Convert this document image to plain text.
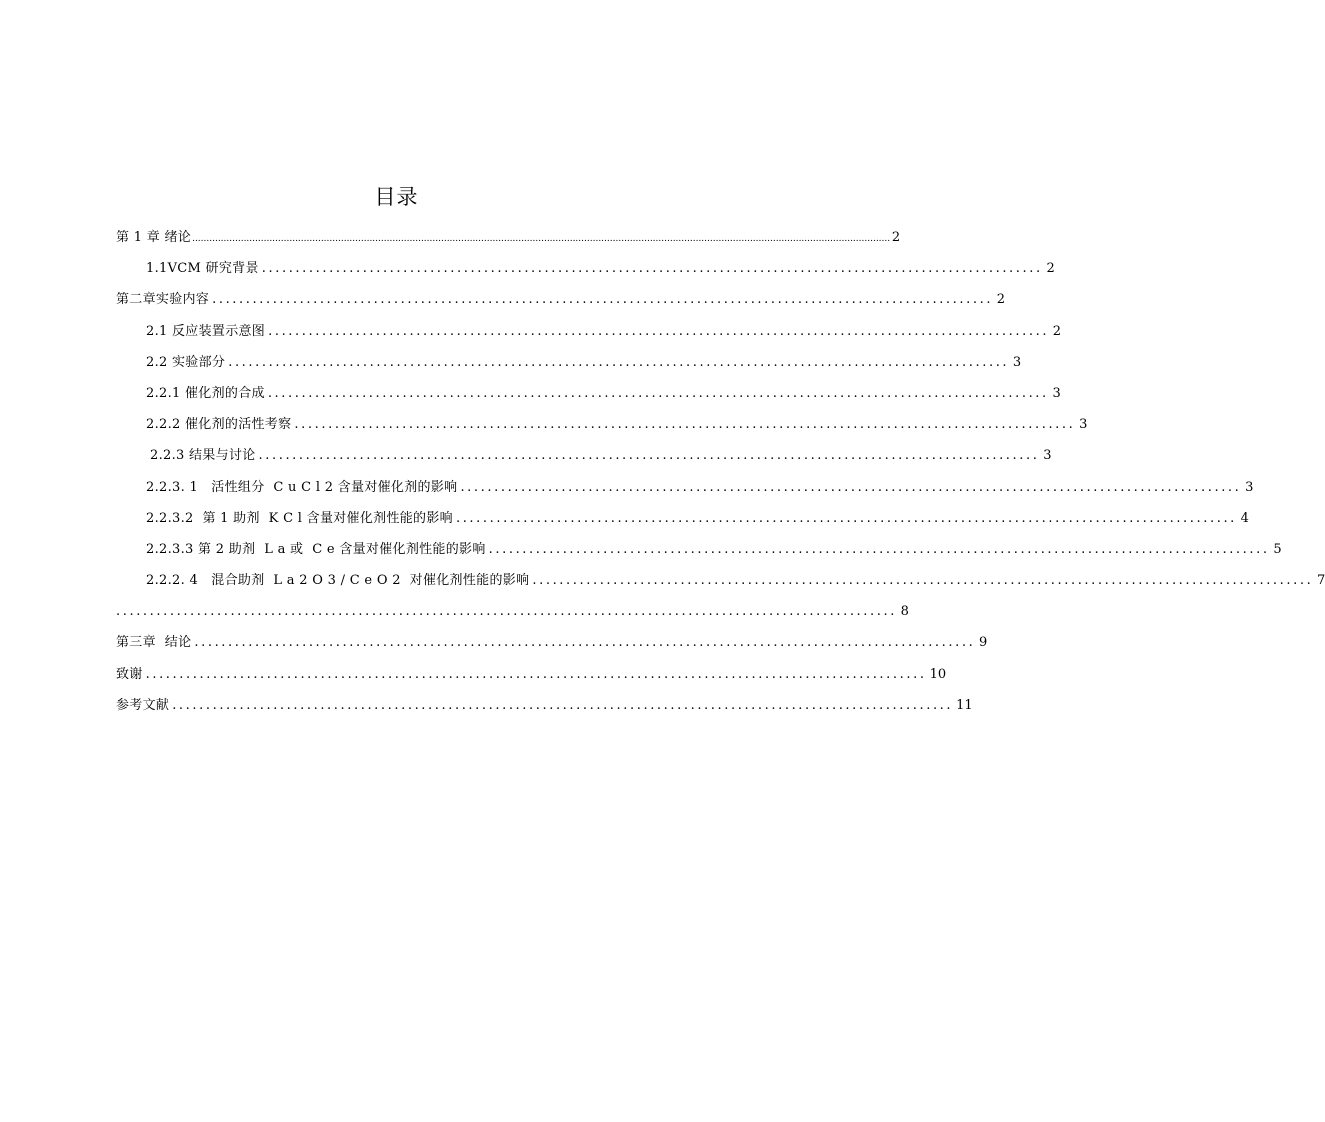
目录
第 1 章 绪论 .................................................................................................................................................................................................................................................... 2
1.1VCM 研究背景 .................................................................................................................... 2
第二章实验内容 .................................................................................................................... 2
2.1 反应装置示意图 .................................................................................................................... 2
2.2 实验部分 .................................................................................................................... 3
2.2.1 催化剂的合成 .................................................................................................................... 3
2.2.2 催化剂的活性考察 .................................................................................................................... 3
2.2.3 结果与讨论 .................................................................................................................... 3
2.2.3. 1   活性组分  C u C l 2 含量对催化剂的影响 .................................................................................................................... 3
2.2.3.2  第 1 助剂  K C l 含量对催化剂性能的影响 .................................................................................................................... 4
2.2.3.3 第 2 助剂  L a 或  C e 含量对催化剂性能的影响 .................................................................................................................... 5
2.2.2. 4   混合助剂  L a 2 O 3 / C e O 2  对催化剂性能的影响 .................................................................................................................... 7
.................................................................................................................... 8
第三章  结论 .................................................................................................................... 9
致谢 .................................................................................................................... 10
参考文献 .................................................................................................................... 11
